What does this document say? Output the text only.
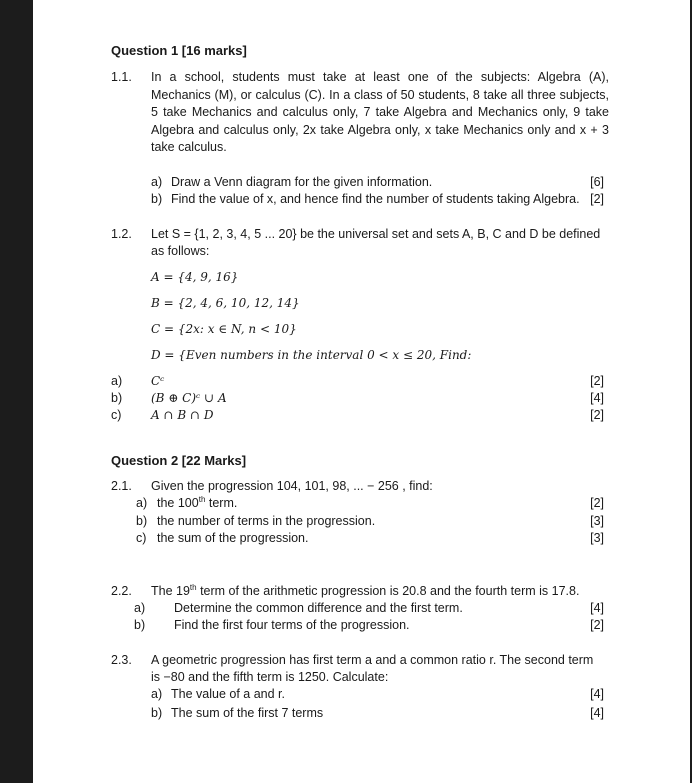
Question 1 [16 marks]
1.1. In a school, students must take at least one of the subjects: Algebra (A), Mechanics (M), or calculus (C). In a class of 50 students, 8 take all three subjects, 5 take Mechanics and calculus only, 7 take Algebra and Mechanics only, 9 take Algebra and calculus only, 2x take Algebra only, x take Mechanics only and x + 3 take calculus.
a) Draw a Venn diagram for the given information.	[6]
b) Find the value of x, and hence find the number of students taking Algebra. [2]
1.2. Let S = {1, 2, 3, 4, 5 ... 20} be the universal set and sets A, B, C and D be defined
as follows:
A = {4, 9, 16}
B = {2, 4, 6, 10, 12, 14}
C = {2x: x ∈ N, n < 10}
D = {Even numbers in the interval 0 < x ≤ 20, Find:
a) Cᶜ	[2]
b) (B ⊕ C)ᶜ ∪ A	[4]
c) A ∩ B ∩ D	[2]
Question 2 [22 Marks]
2.1. Given the progression 104, 101, 98, ... − 256 , find:
a) the 100th term.	[2]
b) the number of terms in the progression.	[3]
c) the sum of the progression.	[3]
2.2. The 19th term of the arithmetic progression is 20.8 and the fourth term is 17.8.
a) Determine the common difference and the first term.	[4]
b) Find the first four terms of the progression.	[2]
2.3. A geometric progression has first term a and a common ratio r. The second term
is −80 and the fifth term is 1250. Calculate:
a) The value of a and r.	[4]
b) The sum of the first 7 terms	[4]
